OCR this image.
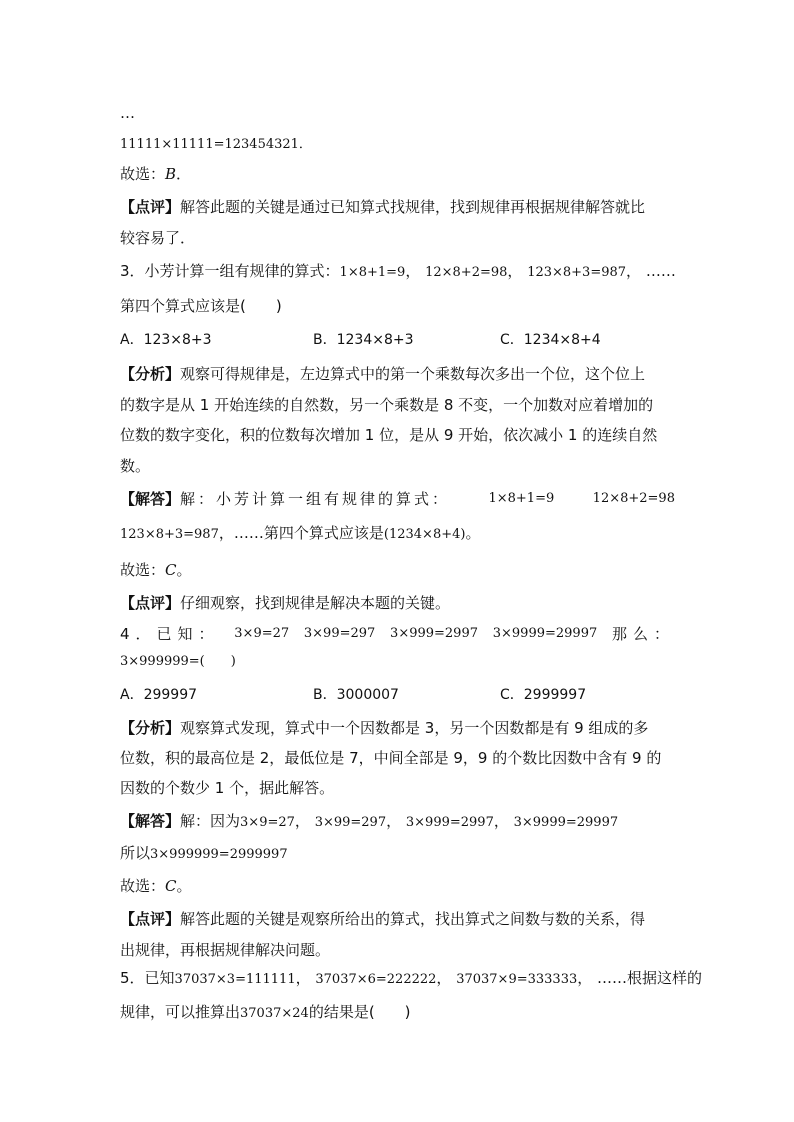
…
11111×11111=123454321．
故选：B．
【点评】解答此题的关键是通过已知算式找规律，找到规律再根据规律解答就比
较容易了．
3．小芳计算一组有规律的算式：1×8+1=9， 12×8+2=98， 123×8+3=987， ……
第四个算式应该是(　　)
A．123×8+3	B．1234×8+3	C．1234×8+4
【分析】观察可得规律是，左边算式中的第一个乘数每次多出一个位，这个位上
的数字是从 1 开始连续的自然数，另一个乘数是 8 不变，一个加数对应着增加的
位数的数字变化，积的位数每次增加 1 位，是从 9 开始，依次减小 1 的连续自然
数。
【解答】解：小芳计算一组有规律的算式：	1×8+1=9	12×8+2=98
123×8+3=987，……第四个算式应该是(1234×8+4)。
故选：C。
【点评】仔细观察，找到规律是解决本题的关键。
4．已知： 3×9=27 3×99=297 3×999=2997 3×9999=29997 那么：
3×999999=(　　)
A．299997	B．3000007	C．2999997
【分析】观察算式发现，算式中一个因数都是 3，另一个因数都是有 9 组成的多
位数，积的最高位是 2，最低位是 7，中间全部是 9，9 的个数比因数中含有 9 的
因数的个数少 1 个，据此解答。
【解答】解：因为3×9=27， 3×99=297， 3×999=2997， 3×9999=29997
所以3×999999=2999997
故选：C。
【点评】解答此题的关键是观察所给出的算式，找出算式之间数与数的关系，得
出规律，再根据规律解决问题。
5．已知37037×3=111111， 37037×6=222222， 37037×9=333333， ……根据这样的
规律，可以推算出37037×24的结果是(　　)
